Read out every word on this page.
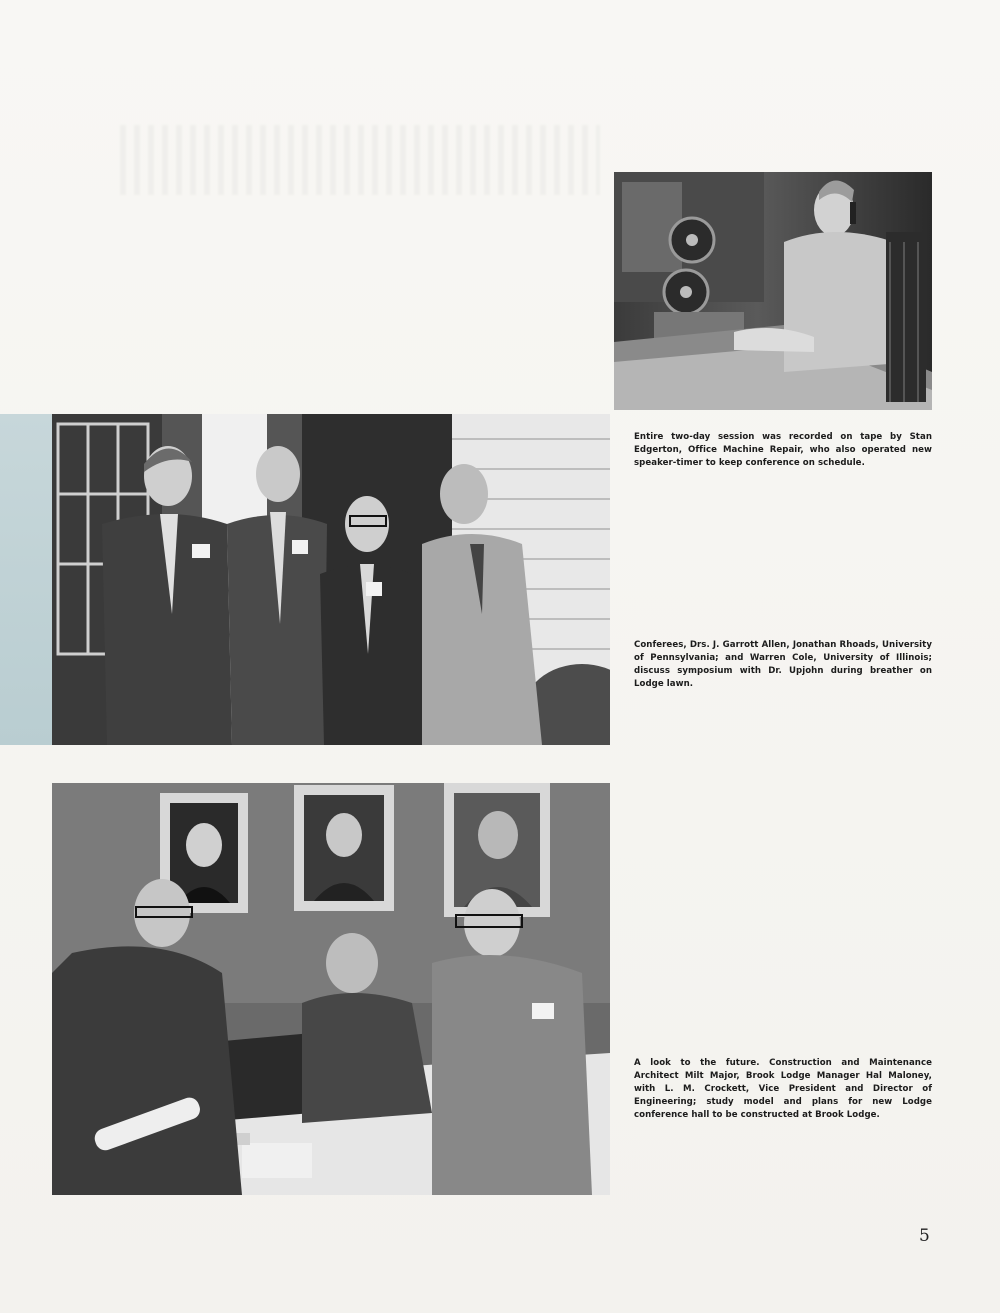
Entire two-day session was recorded on tape by Stan Edgerton, Office Machine Repair, who also operated new speaker-timer to keep conference on schedule.

Conferees, Drs. J. Garrott Allen, Jonathan Rhoads, University of Pennsylvania; and Warren Cole, University of Illinois; discuss symposium with Dr. Upjohn during breather on Lodge lawn.

A look to the future. Construction and Maintenance Architect Milt Major, Brook Lodge Manager Hal Maloney, with L. M. Crockett, Vice President and Director of Engineering; study model and plans for new Lodge conference hall to be constructed at Brook Lodge.

5
